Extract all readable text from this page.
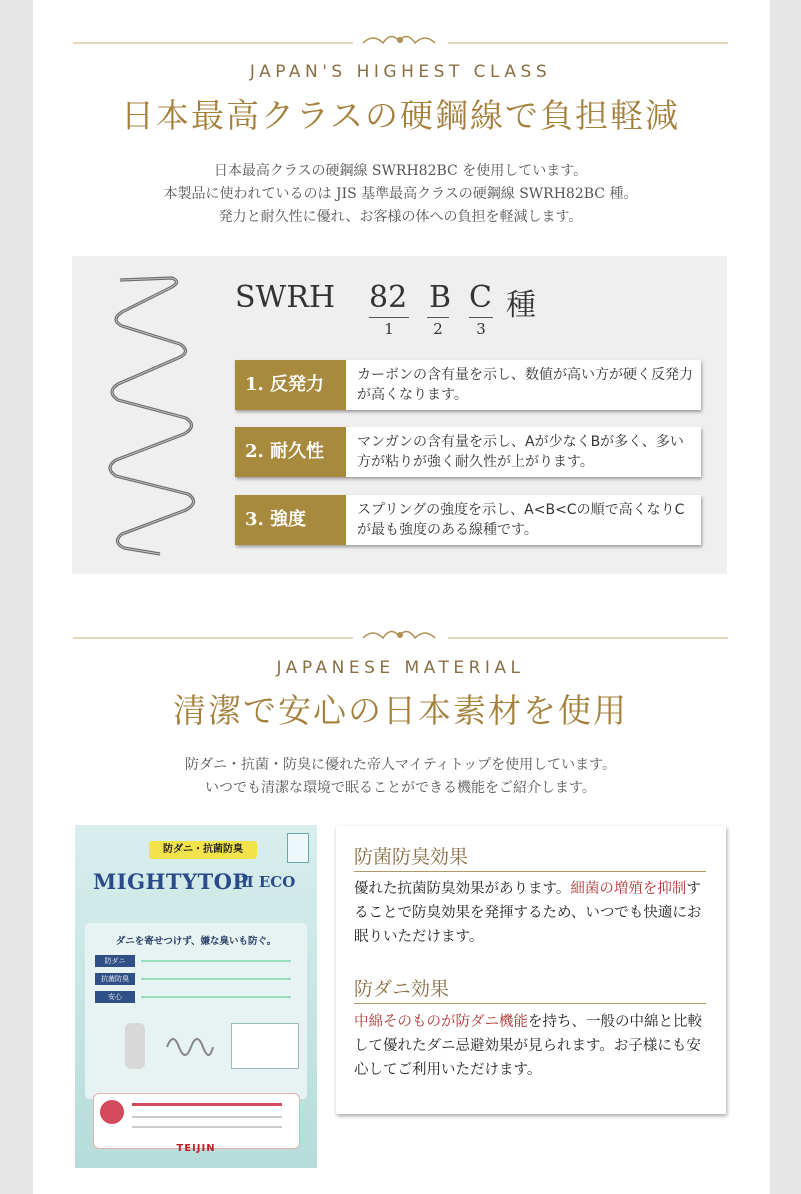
JAPAN'S HIGHEST CLASS
日本最高クラスの硬鋼線で負担軽減
日本最高クラスの硬鋼線 SWRH82BC を使用しています。
本製品に使われているのは JIS 基準最高クラスの硬鋼線 SWRH82BC 種。
発力と耐久性に優れ、お客様の体への負担を軽減します。
SWRH 82 B C 種
1	2	3
1. 反発力	カーボンの含有量を示し、数値が高い方が硬く反発力が高くなります。
2. 耐久性	マンガンの含有量を示し、Aが少なくBが多く、多い方が粘りが強く耐久性が上がります。
3. 強度	スプリングの強度を示し、A<B<Cの順で高くなりCが最も強度のある線種です。
JAPANESE MATERIAL
清潔で安心の日本素材を使用
防ダニ・抗菌・防臭に優れた帝人マイティトップを使用しています。
いつでも清潔な環境で眠ることができる機能をご紹介します。
防ダニ・抗菌防臭
MIGHTYTOP
Ⅱ ECO
ダニを寄せつけず、嫌な臭いも防ぐ。
防ダニ
抗菌防臭
安心
TEIJIN
防菌防臭効果
優れた抗菌防臭効果があります。細菌の増殖を抑制することで防臭効果を発揮するため、いつでも快適にお眠りいただけます。
防ダニ効果
中綿そのものが防ダニ機能を持ち、一般の中綿と比較して優れたダニ忌避効果が見られます。お子様にも安心してご利用いただけます。
